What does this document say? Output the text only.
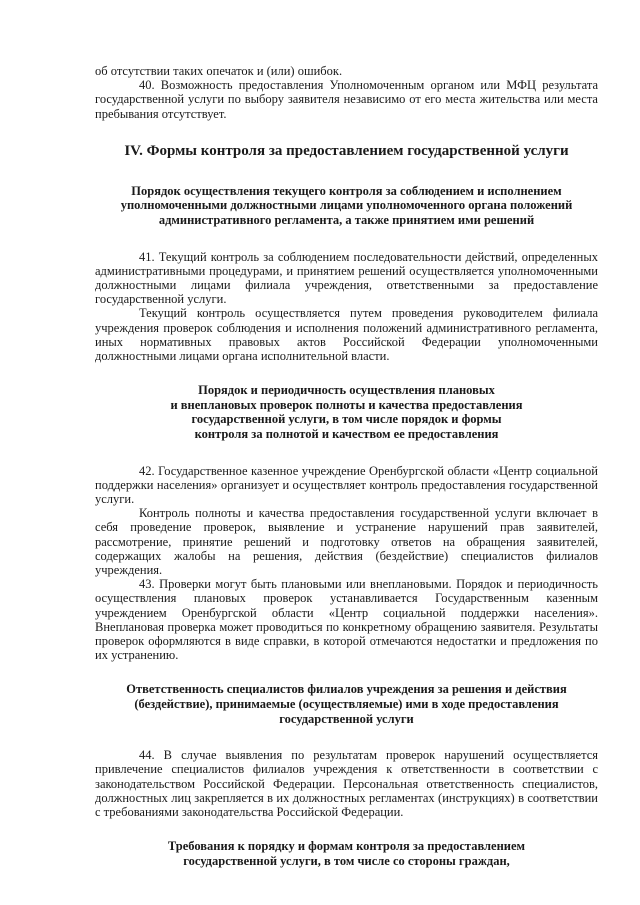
об отсутствии таких опечаток и (или) ошибок.

40. Возможность предоставления Уполномоченным органом или МФЦ результата государственной услуги по выбору заявителя независимо от его места жительства или места пребывания отсутствует.

IV. Формы контроля за предоставлением государственной услуги
Порядок осуществления текущего контроля за соблюдением и исполнением
уполномоченными должностными лицами уполномоченного органа положений
административного регламента, а также принятием ими решений

41. Текущий контроль за соблюдением последовательности действий, определенных административными процедурами, и принятием решений осуществляется уполномоченными должностными лицами филиала учреждения, ответственными за предоставление государственной услуги.

Текущий контроль осуществляется путем проведения руководителем филиала учреждения проверок соблюдения и исполнения положений административного регламента, иных нормативных правовых актов Российской Федерации уполномоченными должностными лицами органа исполнительной власти.

Порядок и периодичность осуществления плановых
и внеплановых проверок полноты и качества предоставления
государственной услуги, в том числе порядок и формы
контроля за полнотой и качеством ее предоставления

42. Государственное казенное учреждение Оренбургской области «Центр социальной поддержки населения» организует и осуществляет контроль предоставления государственной услуги.

Контроль полноты и качества предоставления государственной услуги включает в себя проведение проверок, выявление и устранение нарушений прав заявителей, рассмотрение, принятие решений и подготовку ответов на обращения заявителей, содержащих жалобы на решения, действия (бездействие) специалистов филиалов учреждения.

43. Проверки могут быть плановыми или внеплановыми. Порядок и периодичность осуществления плановых проверок устанавливается Государственным казенным учреждением Оренбургской области «Центр социальной поддержки населения». Внеплановая проверка может проводиться по конкретному обращению заявителя. Результаты проверок оформляются в виде справки, в которой отмечаются недостатки и предложения по их устранению.

Ответственность специалистов филиалов учреждения за решения и действия
(бездействие), принимаемые (осуществляемые) ими в ходе предоставления
государственной услуги

44. В случае выявления по результатам проверок нарушений осуществляется привлечение специалистов филиалов учреждения к ответственности в соответствии с законодательством Российской Федерации. Персональная ответственность специалистов, должностных лиц закрепляется в их должностных регламентах (инструкциях) в соответствии с требованиями законодательства Российской Федерации.

Требования к порядку и формам контроля за предоставлением
государственной услуги, в том числе со стороны граждан,
